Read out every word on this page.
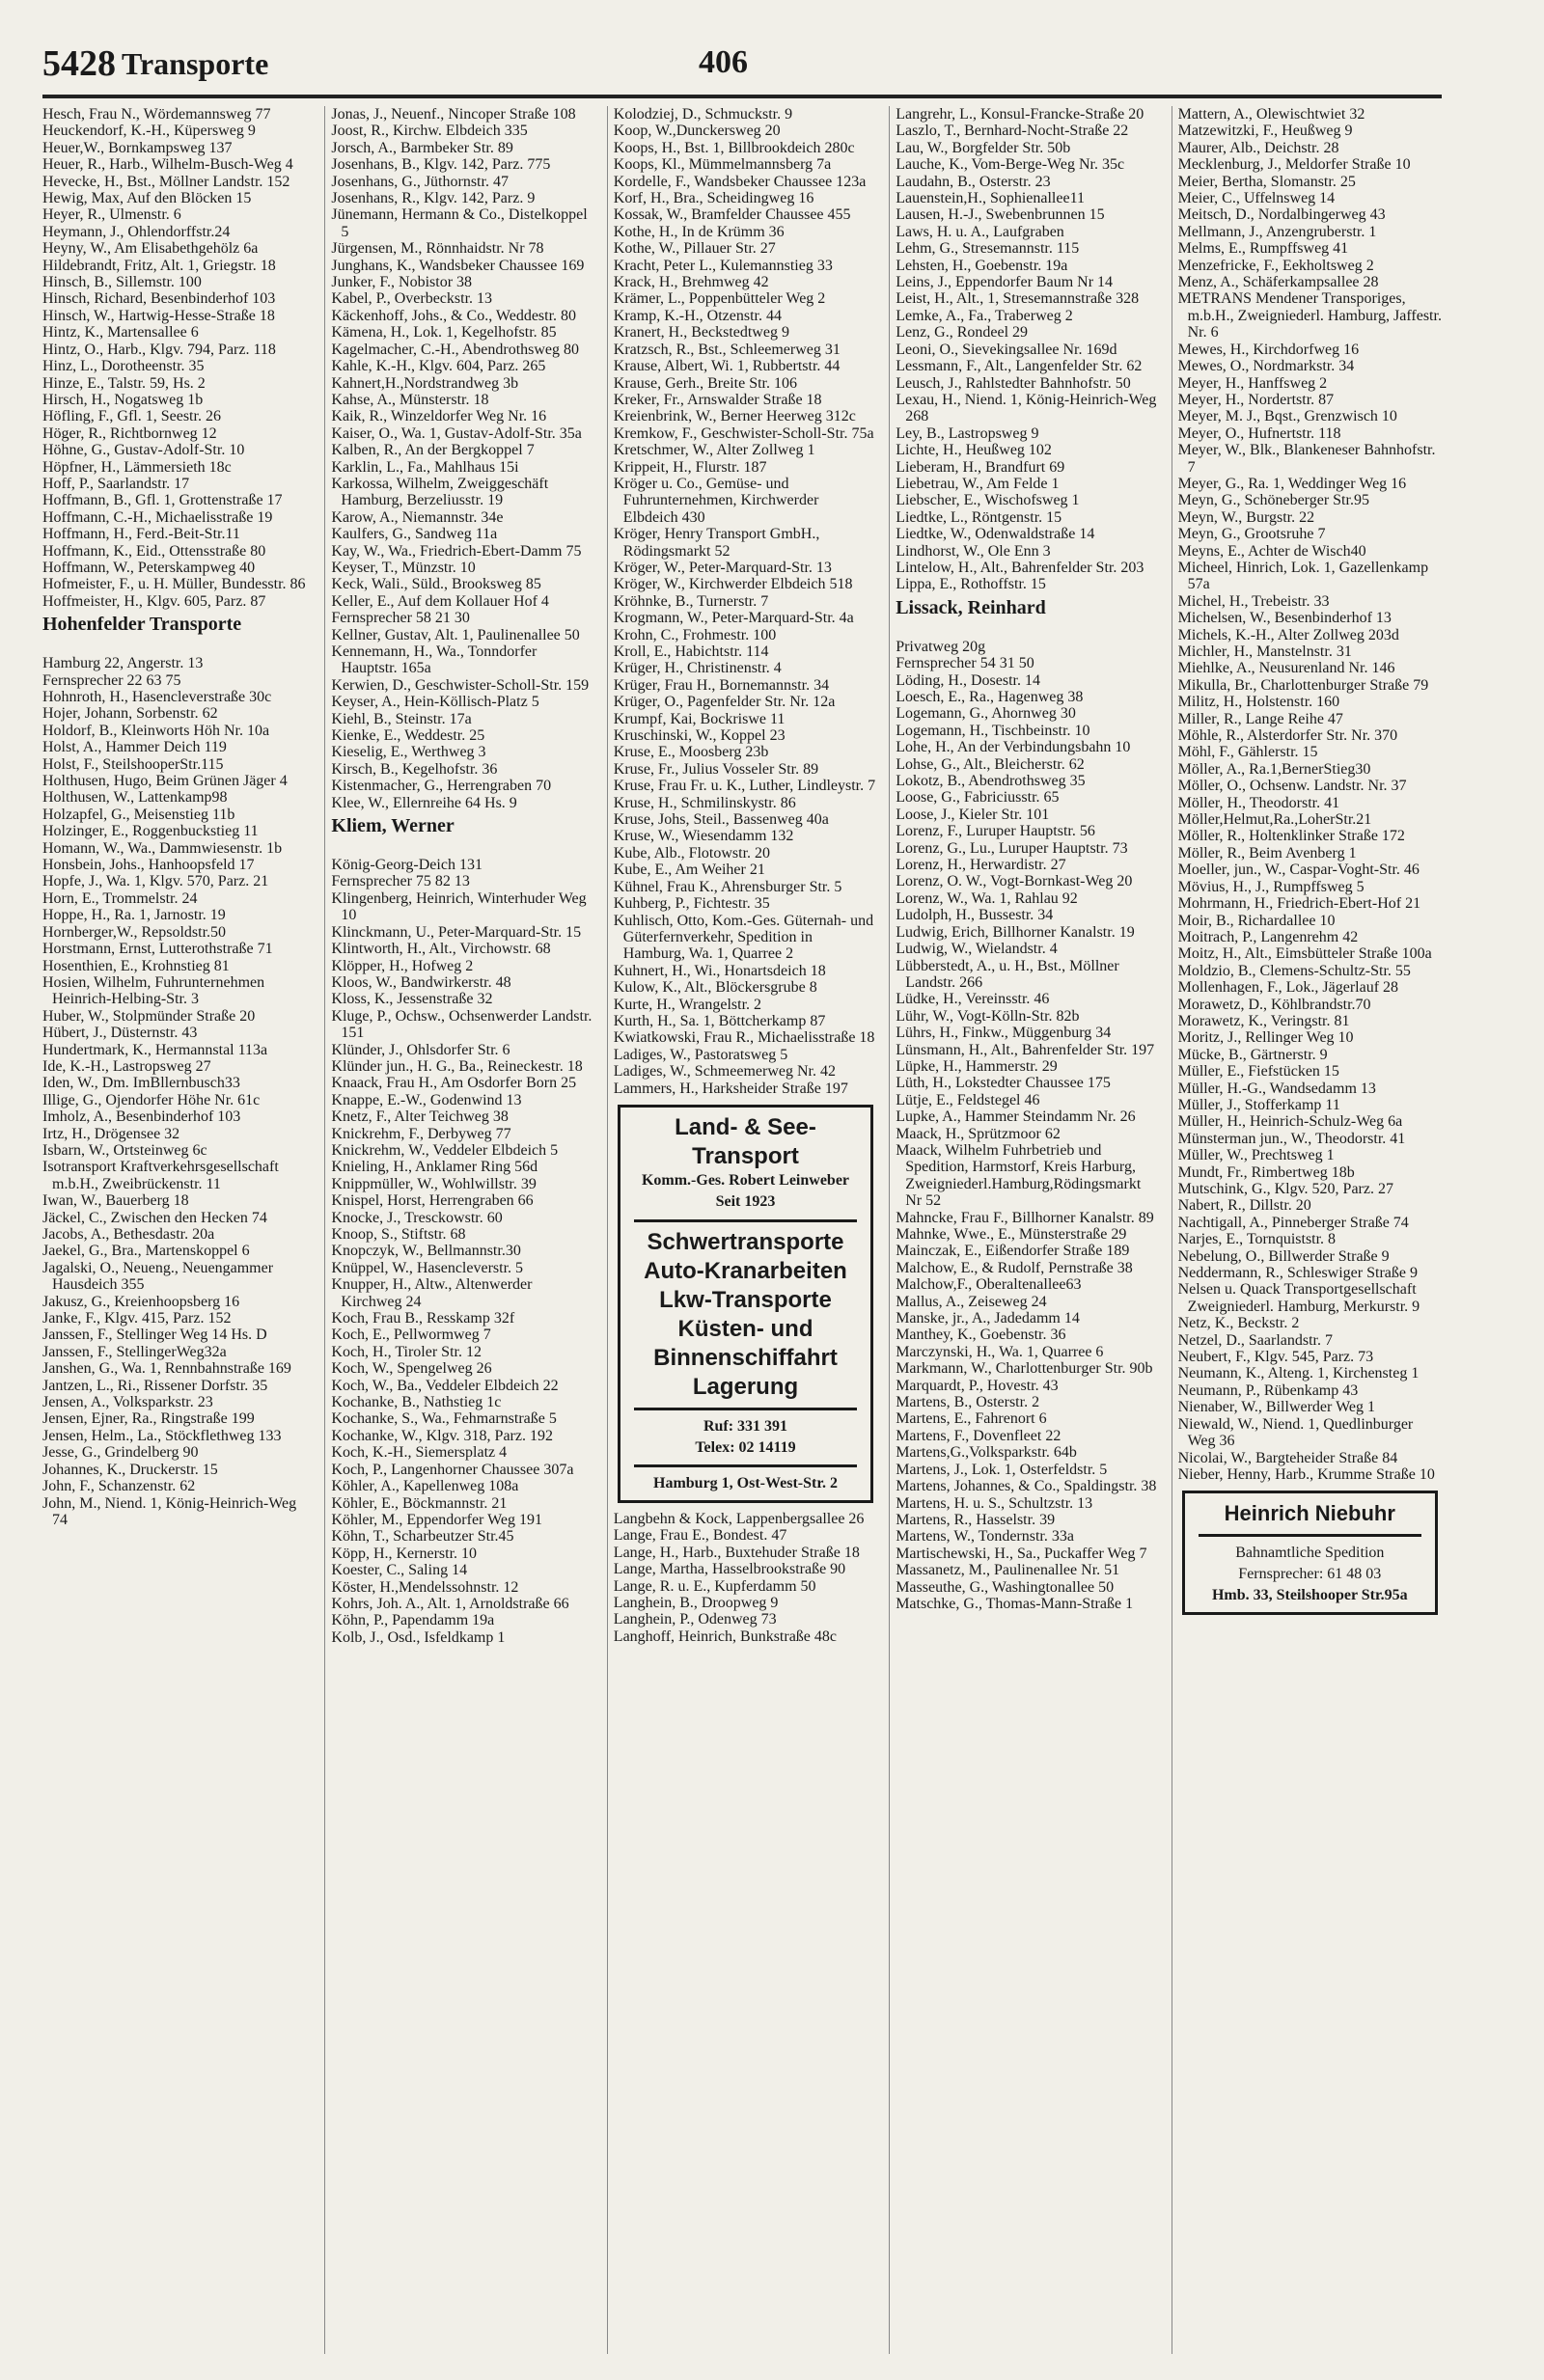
5428 Transporte	406

Hesch, Frau N., Wördemannsweg 77

Heuckendorf, K.-H., Küpersweg 9

Heuer,W., Bornkampsweg 137

Heuer, R., Harb., Wilhelm-Busch-Weg 4

Hevecke, H., Bst., Möllner Landstr. 152

Hewig, Max, Auf den Blöcken 15

Heyer, R., Ulmenstr. 6

Heymann, J., Ohlendorffstr.24

Heyny, W., Am Elisabethgehölz 6a

Hildebrandt, Fritz, Alt. 1, Griegstr. 18

Hinsch, B., Sillemstr. 100

Hinsch, Richard, Besenbinderhof 103

Hinsch, W., Hartwig-Hesse-Straße 18

Hintz, K., Martensallee 6

Hintz, O., Harb., Klgv. 794, Parz. 118

Hinz, L., Dorotheenstr. 35

Hinze, E., Talstr. 59, Hs. 2

Hirsch, H., Nogatsweg 1b

Höfling, F., Gfl. 1, Seestr. 26

Höger, R., Richtbornweg 12

Höhne, G., Gustav-Adolf-Str. 10

Höpfner, H., Lämmersieth 18c

Hoff, P., Saarlandstr. 17

Hoffmann, B., Gfl. 1, Grottenstraße 17

Hoffmann, C.-H., Michaelisstraße 19

Hoffmann, H., Ferd.-Beit-Str.11

Hoffmann, K., Eid., Ottensstraße 80

Hoffmann, W., Peterskampweg 40

Hofmeister, F., u. H. Müller, Bundesstr. 86

Hoffmeister, H., Klgv. 605, Parz. 87

Hohenfelder Transporte

Hamburg 22, Angerstr. 13

Fernsprecher 22 63 75

Hohnroth, H., Hasencleverstraße 30c

Hojer, Johann, Sorbenstr. 62

Holdorf, B., Kleinworts Höh Nr. 10a

Holst, A., Hammer Deich 119

Holst, F., SteilshooperStr.115

Holthusen, Hugo, Beim Grünen Jäger 4

Holthusen, W., Lattenkamp98

Holzapfel, G., Meisenstieg 11b

Holzinger, E., Roggenbuckstieg 11

Homann, W., Wa., Dammwiesenstr. 1b

Honsbein, Johs., Hanhoopsfeld 17

Hopfe, J., Wa. 1, Klgv. 570, Parz. 21

Horn, E., Trommelstr. 24

Hoppe, H., Ra. 1, Jarnostr. 19

Hornberger,W., Repsoldstr.50

Horstmann, Ernst, Lutterothstraße 71

Hosenthien, E., Krohnstieg 81

Hosien, Wilhelm, Fuhrunternehmen Heinrich-Helbing-Str. 3

Huber, W., Stolpmünder Straße 20

Hübert, J., Düsternstr. 43

Hundertmark, K., Hermannstal 113a

Ide, K.-H., Lastropsweg 27

Iden, W., Dm. ImBllernbusch33

Illige, G., Ojendorfer Höhe Nr. 61c

Imholz, A., Besenbinderhof 103

Irtz, H., Drögensee 32

Isbarn, W., Ortsteinweg 6c

Isotransport Kraftverkehrsgesellschaft m.b.H., Zweibrückenstr. 11

Iwan, W., Bauerberg 18

Jäckel, C., Zwischen den Hecken 74

Jacobs, A., Bethesdastr. 20a

Jaekel, G., Bra., Martenskoppel 6

Jagalski, O., Neueng., Neuengammer Hausdeich 355

Jakusz, G., Kreienhoopsberg 16

Janke, F., Klgv. 415, Parz. 152

Janssen, F., Stellinger Weg 14 Hs. D

Janssen, F., StellingerWeg32a

Janshen, G., Wa. 1, Rennbahnstraße 169

Jantzen, L., Ri., Rissener Dorfstr. 35

Jensen, A., Volksparkstr. 23

Jensen, Ejner, Ra., Ringstraße 199

Jensen, Helm., La., Stöckflethweg 133

Jesse, G., Grindelberg 90

Johannes, K., Druckerstr. 15

John, F., Schanzenstr. 62

John, M., Niend. 1, König-Heinrich-Weg 74

Jonas, J., Neuenf., Nincoper Straße 108

Joost, R., Kirchw. Elbdeich 335

Jorsch, A., Barmbeker Str. 89

Josenhans, B., Klgv. 142, Parz. 775

Josenhans, G., Jüthornstr. 47

Josenhans, R., Klgv. 142, Parz. 9

Jünemann, Hermann & Co., Distelkoppel 5

Jürgensen, M., Rönnhaidstr. Nr 78

Junghans, K., Wandsbeker Chaussee 169

Junker, F., Nobistor 38

Kabel, P., Overbeckstr. 13

Käckenhoff, Johs., & Co., Weddestr. 80

Kämena, H., Lok. 1, Kegelhofstr. 85

Kagelmacher, C.-H., Abendrothsweg 80

Kahle, K.-H., Klgv. 604, Parz. 265

Kahnert,H.,Nordstrandweg 3b

Kahse, A., Münsterstr. 18

Kaik, R., Winzeldorfer Weg Nr. 16

Kaiser, O., Wa. 1, Gustav-Adolf-Str. 35a

Kalben, R., An der Bergkoppel 7

Karklin, L., Fa., Mahlhaus 15i

Karkossa, Wilhelm, Zweiggeschäft Hamburg, Berzeliusstr. 19

Karow, A., Niemannstr. 34e

Kaulfers, G., Sandweg 11a

Kay, W., Wa., Friedrich-Ebert-Damm 75

Keyser, T., Münzstr. 10

Keck, Wali., Süld., Brooksweg 85

Keller, E., Auf dem Kollauer Hof 4

Fernsprecher 58 21 30

Kellner, Gustav, Alt. 1, Paulinenallee 50

Kennemann, H., Wa., Tonndorfer Hauptstr. 165a

Kerwien, D., Geschwister-Scholl-Str. 159

Keyser, A., Hein-Köllisch-Platz 5

Kiehl, B., Steinstr. 17a

Kienke, E., Weddestr. 25

Kieselig, E., Werthweg 3

Kirsch, B., Kegelhofstr. 36

Kistenmacher, G., Herrengraben 70

Klee, W., Ellernreihe 64 Hs. 9

Kliem, Werner

König-Georg-Deich 131

Fernsprecher 75 82 13

Klingenberg, Heinrich, Winterhuder Weg 10

Klinckmann, U., Peter-Marquard-Str. 15

Klintworth, H., Alt., Virchowstr. 68

Klöpper, H., Hofweg 2

Kloos, W., Bandwirkerstr. 48

Kloss, K., Jessenstraße 32

Kluge, P., Ochsw., Ochsenwerder Landstr. 151

Klünder, J., Ohlsdorfer Str. 6

Klünder jun., H. G., Ba., Reineckestr. 18

Knaack, Frau H., Am Osdorfer Born 25

Knappe, E.-W., Godenwind 13

Knetz, F., Alter Teichweg 38

Knickrehm, F., Derbyweg 77

Knickrehm, W., Veddeler Elbdeich 5

Knieling, H., Anklamer Ring 56d

Knippmüller, W., Wohlwillstr. 39

Knispel, Horst, Herrengraben 66

Knocke, J., Tresckowstr. 60

Knoop, S., Stiftstr. 68

Knopczyk, W., Bellmannstr.30

Knüppel, W., Hasencleverstr. 5

Knupper, H., Altw., Altenwerder Kirchweg 24

Koch, Frau B., Resskamp 32f

Koch, E., Pellwormweg 7

Koch, H., Tiroler Str. 12

Koch, W., Spengelweg 26

Koch, W., Ba., Veddeler Elbdeich 22

Kochanke, B., Nathstieg 1c

Kochanke, S., Wa., Fehmarnstraße 5

Kochanke, W., Klgv. 318, Parz. 192

Koch, K.-H., Siemersplatz 4

Koch, P., Langenhorner Chaussee 307a

Köhler, A., Kapellenweg 108a

Köhler, E., Böckmannstr. 21

Köhler, M., Eppendorfer Weg 191

Köhn, T., Scharbeutzer Str.45

Köpp, H., Kernerstr. 10

Koester, C., Saling 14

Köster, H.,Mendelssohnstr. 12

Kohrs, Joh. A., Alt. 1, Arnoldstraße 66

Köhn, P., Papendamm 19a

Kolb, J., Osd., Isfeldkamp 1

Kolodziej, D., Schmuckstr. 9

Koop, W.,Dunckersweg 20

Koops, H., Bst. 1, Billbrookdeich 280c

Koops, Kl., Mümmelmannsberg 7a

Kordelle, F., Wandsbeker Chaussee 123a

Korf, H., Bra., Scheidingweg 16

Kossak, W., Bramfelder Chaussee 455

Kothe, H., In de Krümm 36

Kothe, W., Pillauer Str. 27

Kracht, Peter L., Kulemannstieg 33

Krack, H., Brehmweg 42

Krämer, L., Poppenbütteler Weg 2

Kramp, K.-H., Otzenstr. 44

Kranert, H., Beckstedtweg 9

Kratzsch, R., Bst., Schleemerweg 31

Krause, Albert, Wi. 1, Rubbertstr. 44

Krause, Gerh., Breite Str. 106

Kreker, Fr., Arnswalder Straße 18

Kreienbrink, W., Berner Heerweg 312c

Kremkow, F., Geschwister-Scholl-Str. 75a

Kretschmer, W., Alter Zollweg 1

Krippeit, H., Flurstr. 187

Kröger u. Co., Gemüse- und Fuhrunternehmen, Kirchwerder Elbdeich 430

Kröger, Henry Transport GmbH., Rödingsmarkt 52

Kröger, W., Peter-Marquard-Str. 13

Kröger, W., Kirchwerder Elbdeich 518

Kröhnke, B., Turnerstr. 7

Krogmann, W., Peter-Marquard-Str. 4a

Krohn, C., Frohmestr. 100

Kroll, E., Habichtstr. 114

Krüger, H., Christinenstr. 4

Krüger, Frau H., Bornemannstr. 34

Krüger, O., Pagenfelder Str. Nr. 12a

Krumpf, Kai, Bockriswe 11

Kruschinski, W., Koppel 23

Kruse, E., Moosberg 23b

Kruse, Fr., Julius Vosseler Str. 89

Kruse, Frau Fr. u. K., Luther, Lindleystr. 7

Kruse, H., Schmilinskystr. 86

Kruse, Johs, Steil., Bassenweg 40a

Kruse, W., Wiesendamm 132

Kube, Alb., Flotowstr. 20

Kube, E., Am Weiher 21

Kühnel, Frau K., Ahrensburger Str. 5

Kuhberg, P., Fichtestr. 35

Kuhlisch, Otto, Kom.-Ges. Güternah- und Güterfernverkehr, Spedition in Hamburg, Wa. 1, Quarree 2

Kuhnert, H., Wi., Honartsdeich 18

Kulow, K., Alt., Blöckersgrube 8

Kurte, H., Wrangelstr. 2

Kurth, H., Sa. 1, Böttcherkamp 87

Kwiatkowski, Frau R., Michaelisstraße 18

Ladiges, W., Pastoratsweg 5

Ladiges, W., Schmeemerweg Nr. 42

Lammers, H., Harksheider Straße 197

Land- & See-Transport
Komm.-Ges. Robert Leinweber
Seit 1923
Schwertransporte
Auto-Kranarbeiten
Lkw-Transporte
Küsten- und
Binnenschiffahrt
Lagerung
Ruf: 331 391
Telex: 02 14119
Hamburg 1, Ost-West-Str. 2

Langbehn & Kock, Lappenbergsallee 26

Lange, Frau E., Bondest. 47

Lange, H., Harb., Buxtehuder Straße 18

Lange, Martha, Hasselbrookstraße 90

Lange, R. u. E., Kupferdamm 50

Langhein, B., Droopweg 9

Langhein, P., Odenweg 73

Langhoff, Heinrich, Bunkstraße 48c

Langrehr, L., Konsul-Francke-Straße 20

Laszlo, T., Bernhard-Nocht-Straße 22

Lau, W., Borgfelder Str. 50b

Lauche, K., Vom-Berge-Weg Nr. 35c

Laudahn, B., Osterstr. 23

Lauenstein,H., Sophienallee11

Lausen, H.-J., Swebenbrunnen 15

Laws, H. u. A., Laufgraben

Lehm, G., Stresemannstr. 115

Lehsten, H., Goebenstr. 19a

Leins, J., Eppendorfer Baum Nr 14

Leist, H., Alt., 1, Stresemannstraße 328

Lemke, A., Fa., Traberweg 2

Lenz, G., Rondeel 29

Leoni, O., Sievekingsallee Nr. 169d

Lessmann, F., Alt., Langenfelder Str. 62

Leusch, J., Rahlstedter Bahnhofstr. 50

Lexau, H., Niend. 1, König-Heinrich-Weg 268

Ley, B., Lastropsweg 9

Lichte, H., Heußweg 102

Lieberam, H., Brandfurt 69

Liebetrau, W., Am Felde 1

Liebscher, E., Wischofsweg 1

Liedtke, L., Röntgenstr. 15

Liedtke, W., Odenwaldstraße 14

Lindhorst, W., Ole Enn 3

Lintelow, H., Alt., Bahrenfelder Str. 203

Lippa, E., Rothoffstr. 15

Lissack, Reinhard

Privatweg 20g

Fernsprecher 54 31 50

Löding, H., Dosestr. 14

Loesch, E., Ra., Hagenweg 38

Logemann, G., Ahornweg 30

Logemann, H., Tischbeinstr. 10

Lohe, H., An der Verbindungsbahn 10

Lohse, G., Alt., Bleicherstr. 62

Lokotz, B., Abendrothsweg 35

Loose, G., Fabriciusstr. 65

Loose, J., Kieler Str. 101

Lorenz, F., Luruper Hauptstr. 56

Lorenz, G., Lu., Luruper Hauptstr. 73

Lorenz, H., Herwardistr. 27

Lorenz, O. W., Vogt-Bornkast-Weg 20

Lorenz, W., Wa. 1, Rahlau 92

Ludolph, H., Bussestr. 34

Ludwig, Erich, Billhorner Kanalstr. 19

Ludwig, W., Wielandstr. 4

Lübberstedt, A., u. H., Bst., Möllner Landstr. 266

Lüdke, H., Vereinsstr. 46

Lühr, W., Vogt-Kölln-Str. 82b

Lührs, H., Finkw., Müggenburg 34

Lünsmann, H., Alt., Bahrenfelder Str. 197

Lüpke, H., Hammerstr. 29

Lüth, H., Lokstedter Chaussee 175

Lütje, E., Feldstegel 46

Lupke, A., Hammer Steindamm Nr. 26

Maack, H., Sprützmoor 62

Maack, Wilhelm Fuhrbetrieb und Spedition, Harmstorf, Kreis Harburg, Zweigniederl.Hamburg,Rödingsmarkt Nr 52

Mahncke, Frau F., Billhorner Kanalstr. 89

Mahnke, Wwe., E., Münsterstraße 29

Mainczak, E., Eißendorfer Straße 189

Malchow, E., & Rudolf, Pernstraße 38

Malchow,F., Oberaltenallee63

Mallus, A., Zeiseweg 24

Manske, jr., A., Jadedamm 14

Manthey, K., Goebenstr. 36

Marczynski, H., Wa. 1, Quarree 6

Markmann, W., Charlottenburger Str. 90b

Marquardt, P., Hovestr. 43

Martens, B., Osterstr. 2

Martens, E., Fahrenort 6

Martens, F., Dovenfleet 22

Martens,G.,Volksparkstr. 64b

Martens, J., Lok. 1, Osterfeldstr. 5

Martens, Johannes, & Co., Spaldingstr. 38

Martens, H. u. S., Schultzstr. 13

Martens, R., Hasselstr. 39

Martens, W., Tondernstr. 33a

Martischewski, H., Sa., Puckaffer Weg 7

Massanetz, M., Paulinenallee Nr. 51

Masseuthe, G., Washingtonallee 50

Matschke, G., Thomas-Mann-Straße 1

Mattern, A., Olewischtwiet 32

Matzewitzki, F., Heußweg 9

Maurer, Alb., Deichstr. 28

Mecklenburg, J., Meldorfer Straße 10

Meier, Bertha, Slomanstr. 25

Meier, C., Uffelnsweg 14

Meitsch, D., Nordalbingerweg 43

Mellmann, J., Anzengruberstr. 1

Melms, E., Rumpffsweg 41

Menzefricke, F., Eekholtsweg 2

Menz, A., Schäferkampsallee 28

METRANS Mendener Transporiges, m.b.H., Zweigniederl. Hamburg, Jaffestr. Nr. 6

Mewes, H., Kirchdorfweg 16

Mewes, O., Nordmarkstr. 34

Meyer, H., Hanffsweg 2

Meyer, H., Nordertstr. 87

Meyer, M. J., Bqst., Grenzwisch 10

Meyer, O., Hufnertstr. 118

Meyer, W., Blk., Blankeneser Bahnhofstr. 7

Meyer, G., Ra. 1, Weddinger Weg 16

Meyn, G., Schöneberger Str.95

Meyn, W., Burgstr. 22

Meyn, G., Grootsruhe 7

Meyns, E., Achter de Wisch40

Micheel, Hinrich, Lok. 1, Gazellenkamp 57a

Michel, H., Trebeistr. 33

Michelsen, W., Besenbinderhof 13

Michels, K.-H., Alter Zollweg 203d

Michler, H., Manstelnstr. 31

Miehlke, A., Neusurenland Nr. 146

Mikulla, Br., Charlottenburger Straße 79

Militz, H., Holstenstr. 160

Miller, R., Lange Reihe 47

Möhle, R., Alsterdorfer Str. Nr. 370

Möhl, F., Gählerstr. 15

Möller, A., Ra.1,BernerStieg30

Möller, O., Ochsenw. Landstr. Nr. 37

Möller, H., Theodorstr. 41

Möller,Helmut,Ra.,LoherStr.21

Möller, R., Holtenklinker Straße 172

Möller, R., Beim Avenberg 1

Moeller, jun., W., Caspar-Voght-Str. 46

Mövius, H., J., Rumpffsweg 5

Mohrmann, H., Friedrich-Ebert-Hof 21

Moir, B., Richardallee 10

Moitrach, P., Langenrehm 42

Moitz, H., Alt., Eimsbütteler Straße 100a

Moldzio, B., Clemens-Schultz-Str. 55

Mollenhagen, F., Lok., Jägerlauf 28

Morawetz, D., Köhlbrandstr.70

Morawetz, K., Veringstr. 81

Moritz, J., Rellinger Weg 10

Mücke, B., Gärtnerstr. 9

Müller, E., Fiefstücken 15

Müller, H.-G., Wandsedamm 13

Müller, J., Stofferkamp 11

Müller, H., Heinrich-Schulz-Weg 6a

Münsterman jun., W., Theodorstr. 41

Müller, W., Prechtsweg 1

Mundt, Fr., Rimbertweg 18b

Mutschink, G., Klgv. 520, Parz. 27

Nabert, R., Dillstr. 20

Nachtigall, A., Pinneberger Straße 74

Narjes, E., Tornquiststr. 8

Nebelung, O., Billwerder Straße 9

Neddermann, R., Schleswiger Straße 9

Nelsen u. Quack Transportgesellschaft Zweigniederl. Hamburg, Merkurstr. 9

Netz, K., Beckstr. 2

Netzel, D., Saarlandstr. 7

Neubert, F., Klgv. 545, Parz. 73

Neumann, K., Alteng. 1, Kirchensteg 1

Neumann, P., Rübenkamp 43

Nienaber, W., Billwerder Weg 1

Niewald, W., Niend. 1, Quedlinburger Weg 36

Nicolai, W., Bargteheider Straße 84

Nieber, Henny, Harb., Krumme Straße 10

Heinrich Niebuhr
Bahnamtliche Spedition
Fernsprecher: 61 48 03
Hmb. 33, Steilshooper Str.95a
